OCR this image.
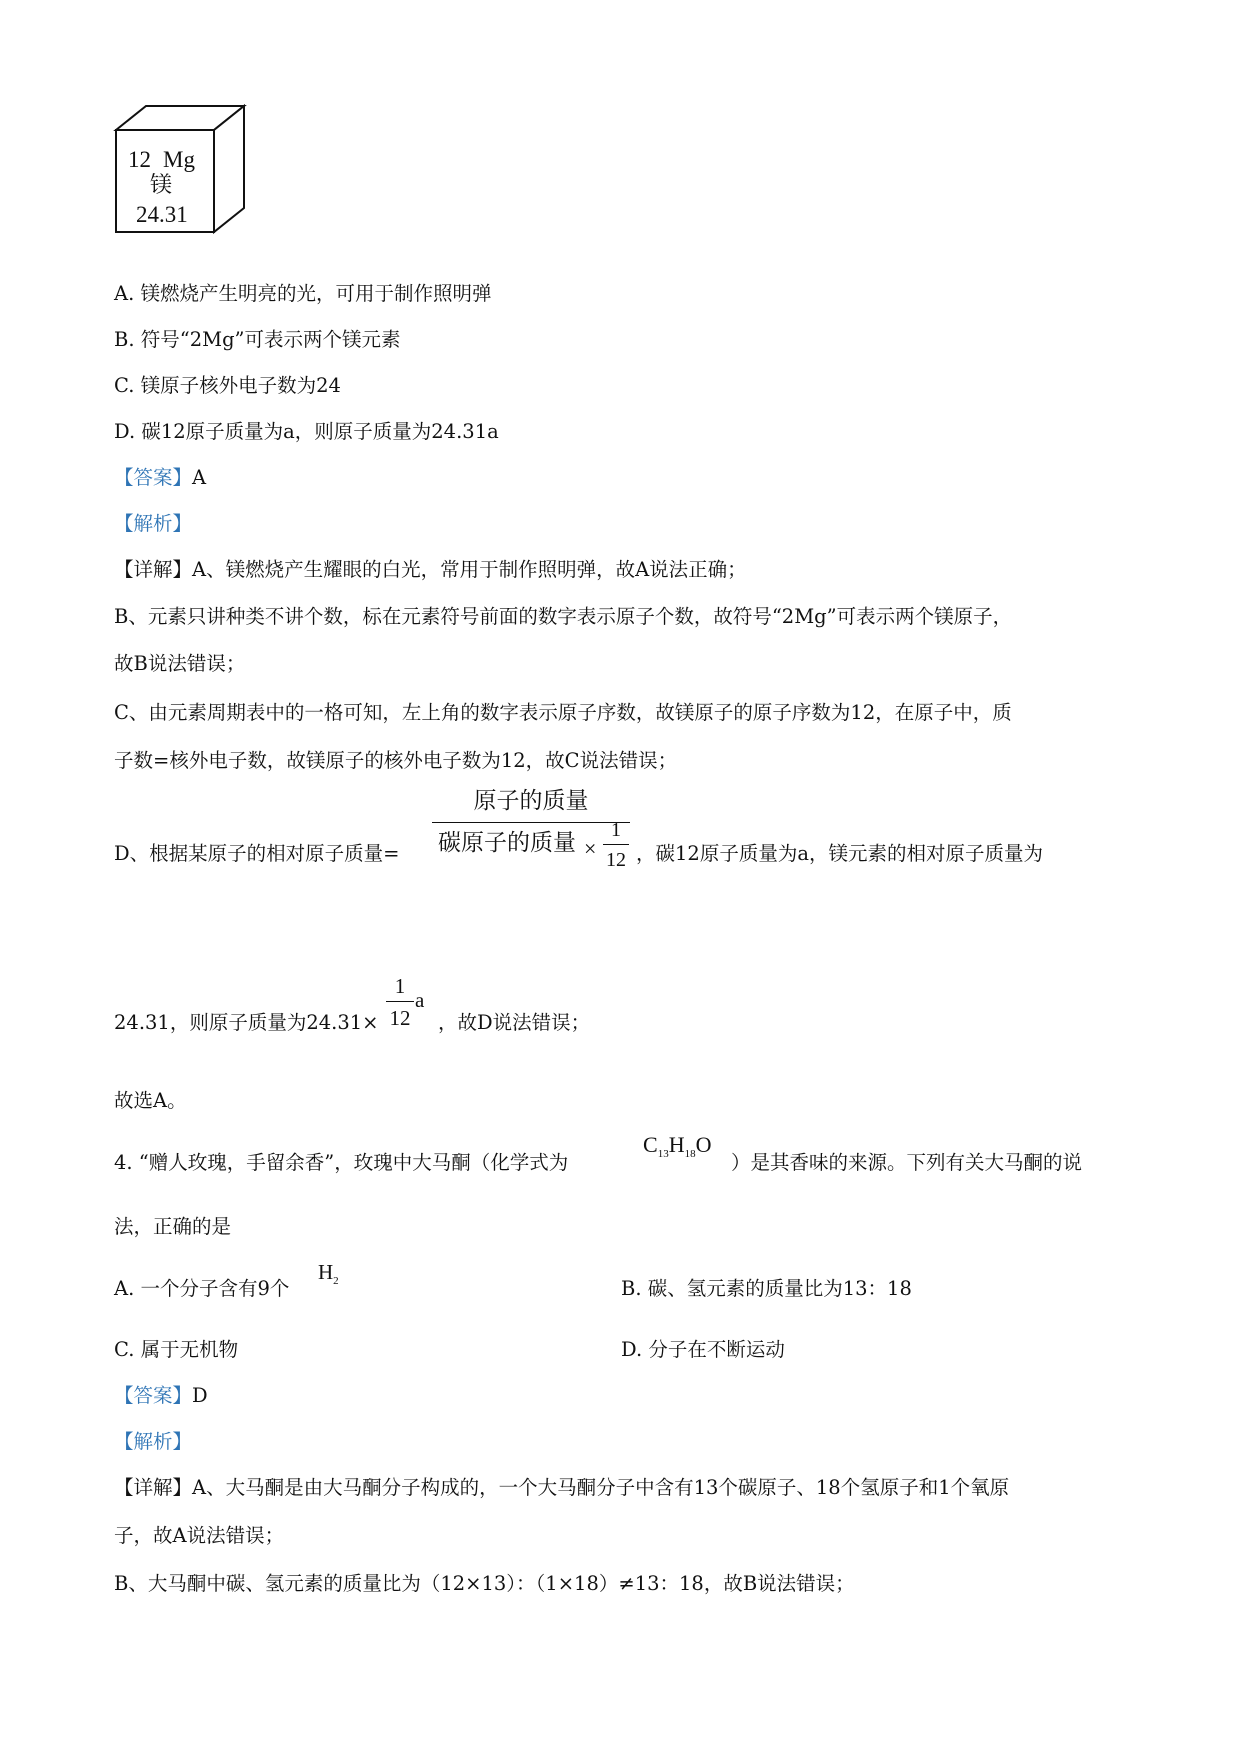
12 Mg
镁
24.31
A. 镁燃烧产生明亮的光，可用于制作照明弹
B. 符号“2Mg”可表示两个镁元素
C. 镁原子核外电子数为24
D. 碳12原子质量为a，则原子质量为24.31a
【答案】A
【解析】
【详解】A、镁燃烧产生耀眼的白光，常用于制作照明弹，故A说法正确；
B、元素只讲种类不讲个数，标在元素符号前面的数字表示原子个数，故符号“2Mg”可表示两个镁原子，
故B说法错误；
C、由元素周期表中的一格可知，左上角的数字表示原子序数，故镁原子的原子序数为12，在原子中，质
子数=核外电子数，故镁原子的核外电子数为12，故C说法错误；
D、根据某原子的相对原子质量=
原子的质量
碳原子的质量 ×
1
12 ，碳12原子质量为a，镁元素的相对原子质量为
24.31，则原子质量为24.31×
1
12
a
，故D说法错误；
故选A。
4. “赠人玫瑰，手留余香”，玫瑰中大马酮（化学式为
$C_{13}H_{18}O$
）是其香味的来源。下列有关大马酮的说
法，正确的是
A. 一个分子含有9个
$H_2$	B. 碳、氢元素的质量比为13：18
C. 属于无机物	D. 分子在不断运动
【答案】D
【解析】
【详解】A、大马酮是由大马酮分子构成的，一个大马酮分子中含有13个碳原子、18个氢原子和1个氧原
子，故A说法错误；
B、大马酮中碳、氢元素的质量比为（12×13）：（1×18）≠13：18，故B说法错误；
